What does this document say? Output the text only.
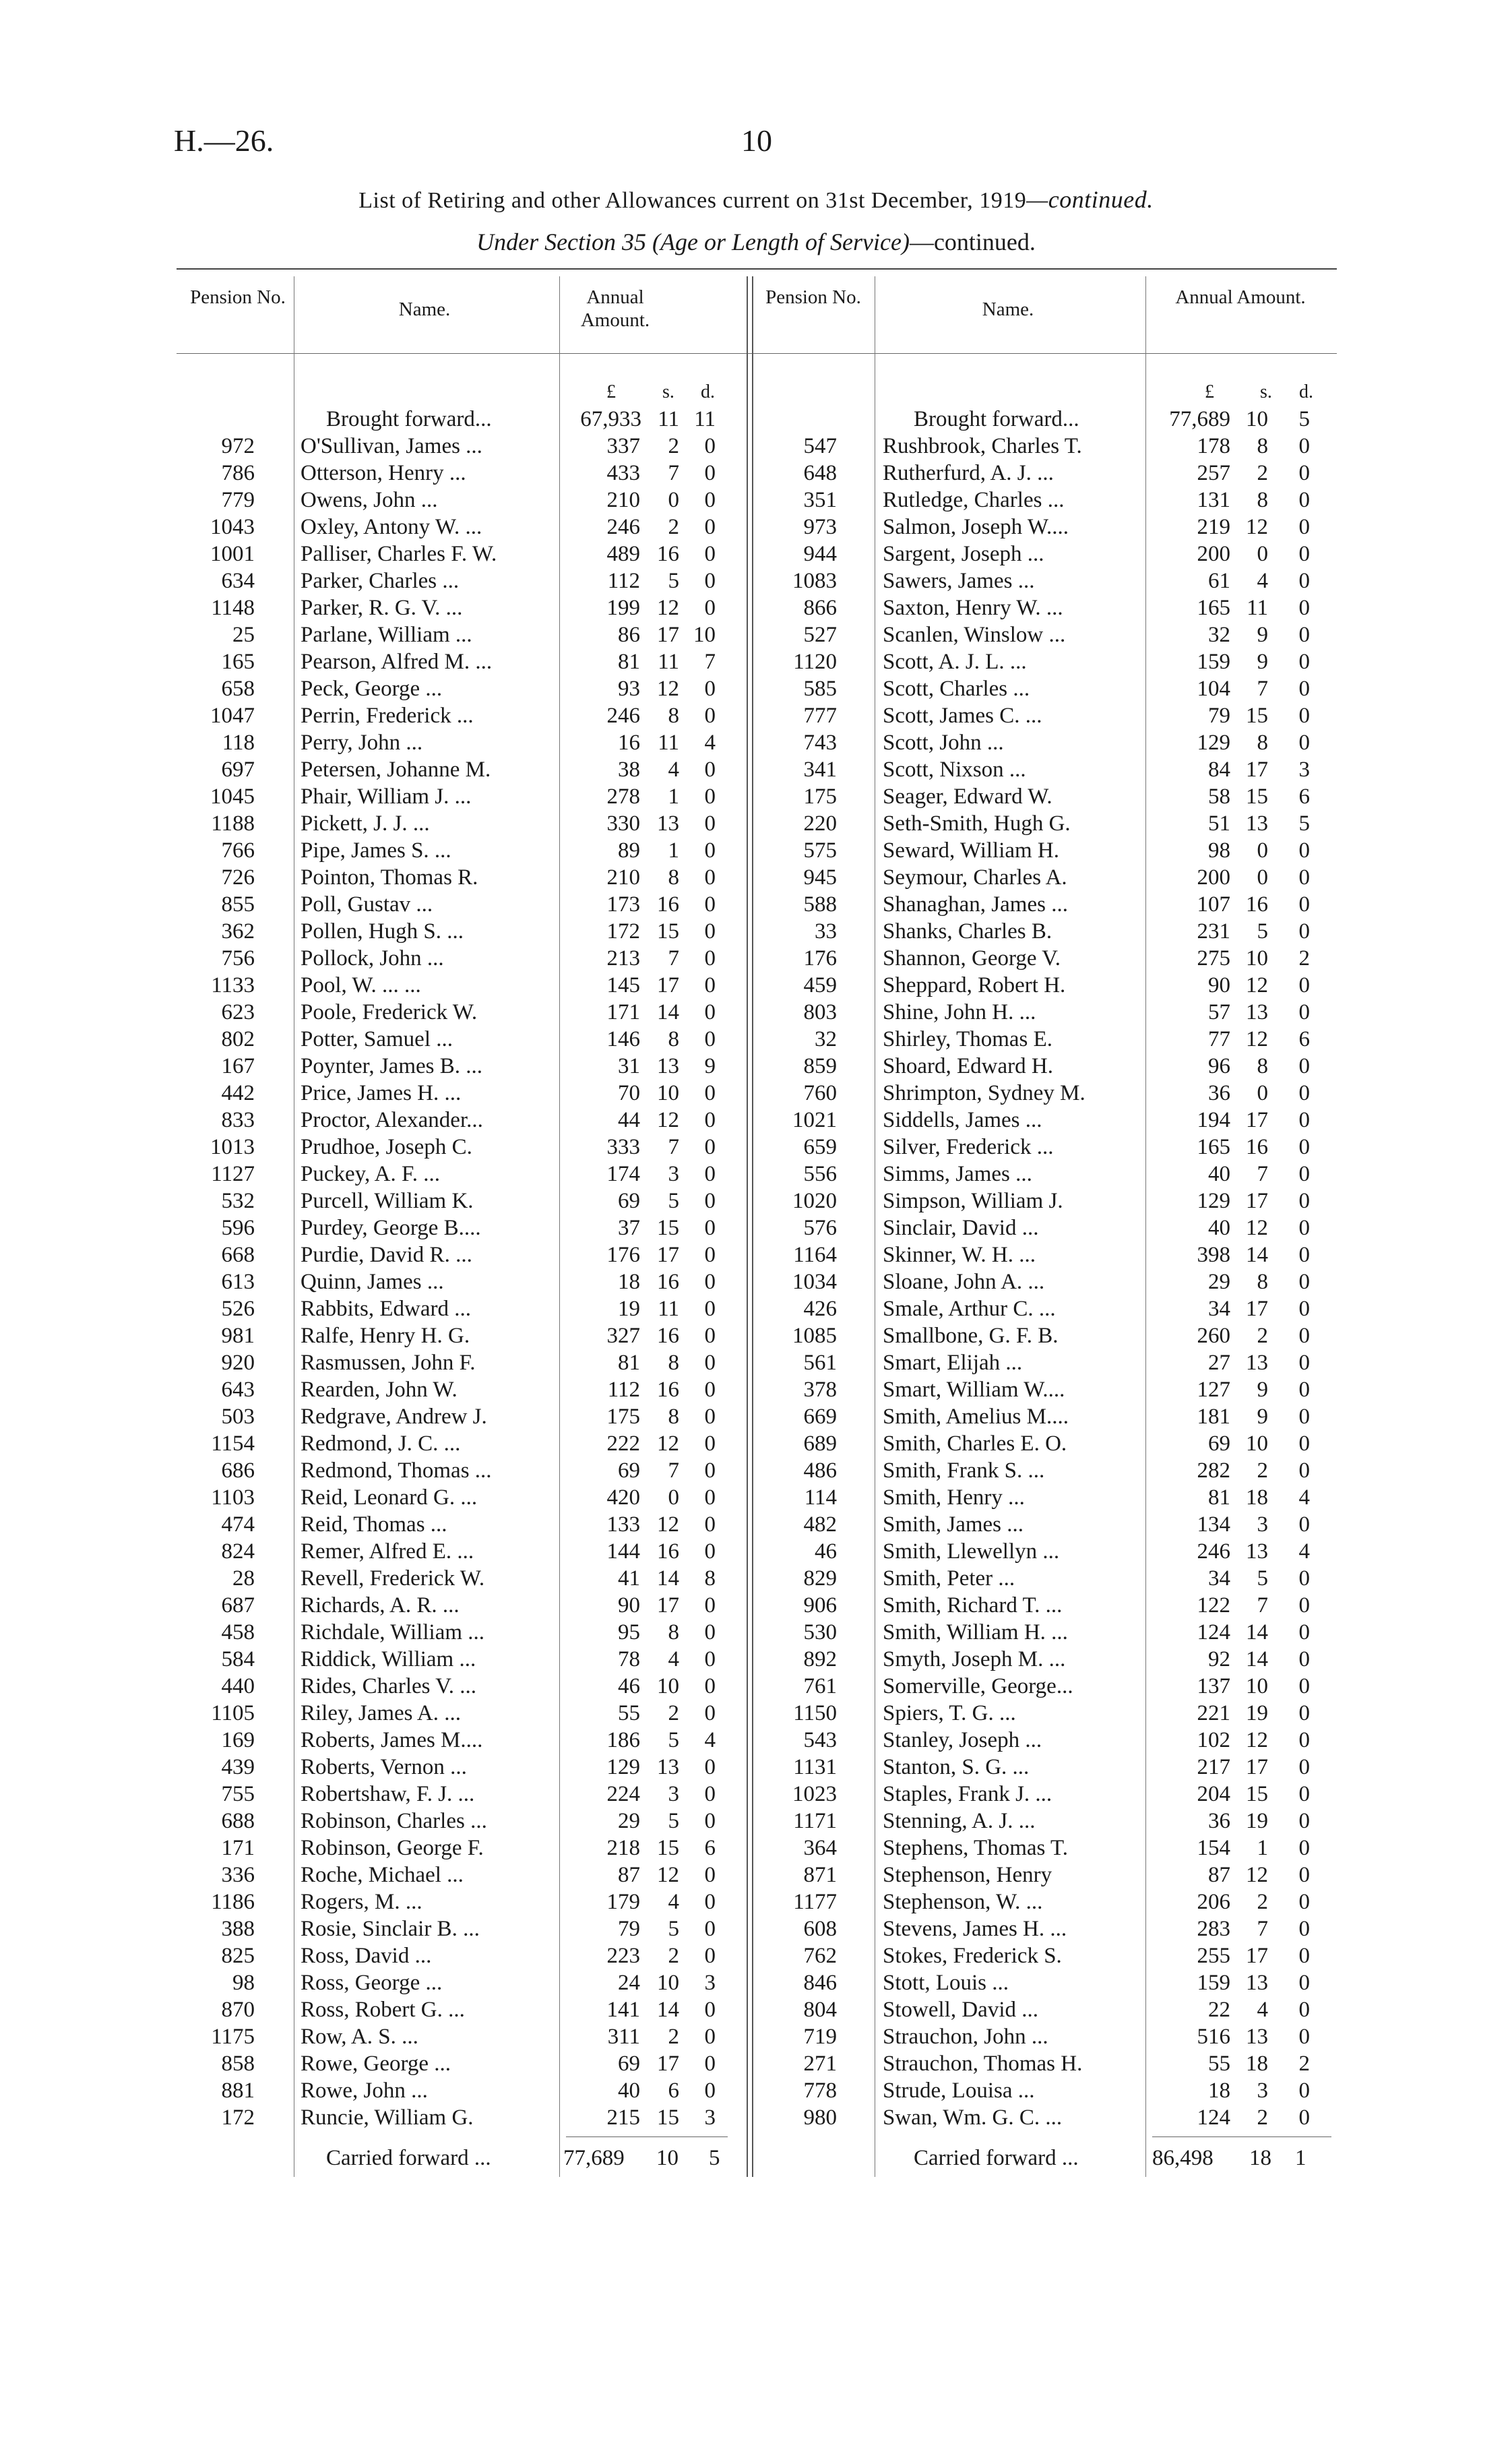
H.—26.	10
List of Retiring and other Allowances current on 31st December, 1919—continued.
Under Section 35 (Age or Length of Service)—continued.
Pension No.
Name.
Annual Amount.
Pension No.
Name.
Annual Amount.
£ s. d.	£ s. d.
Brought forward...	67,933 11 11
972 O'Sullivan, James ...	337	2	0
786 Otterson, Henry ...	433	7	0
779 Owens, John ...	210	0	0
1043 Oxley, Antony W. ...	246	2	0
1001 Palliser, Charles F. W.	489 16	0
634 Parker, Charles ...	112	5	0
1148 Parker, R. G. V. ...	199 12	0
25 Parlane, William ...	86 17 10
165 Pearson, Alfred M. ...	81 11	7
658 Peck, George ...	93 12	0
1047 Perrin, Frederick ...	246	8	0
118 Perry, John ...	16 11	4
697 Petersen, Johanne M.	38	4	0
1045 Phair, William J. ...	278	1	0
1188 Pickett, J. J. ...	330 13	0
766 Pipe, James S. ...	89	1	0
726 Pointon, Thomas R.	210	8	0
855 Poll, Gustav ...	173 16	0
362 Pollen, Hugh S. ...	172 15	0
756 Pollock, John ...	213	7	0
1133 Pool, W. ... ...	145 17	0
623 Poole, Frederick W.	171 14	0
802 Potter, Samuel ...	146	8	0
167 Poynter, James B. ...	31 13	9
442 Price, James H. ...	70 10	0
833 Proctor, Alexander...	44 12	0
1013 Prudhoe, Joseph C.	333	7	0
1127 Puckey, A. F. ...	174	3	0
532 Purcell, William K.	69	5	0
596 Purdey, George B....	37 15	0
668 Purdie, David R. ...	176 17	0
613 Quinn, James ...	18 16	0
526 Rabbits, Edward ...	19 11	0
981 Ralfe, Henry H. G.	327 16	0
920 Rasmussen, John F.	81	8	0
643 Rearden, John W.	112 16	0
503 Redgrave, Andrew J.	175	8	0
1154 Redmond, J. C. ...	222 12	0
686 Redmond, Thomas ...	69	7	0
1103 Reid, Leonard G. ...	420	0	0
474 Reid, Thomas ...	133 12	0
824 Remer, Alfred E. ...	144 16	0
28 Revell, Frederick W.	41 14	8
687 Richards, A. R. ...	90 17	0
458 Richdale, William ...	95	8	0
584 Riddick, William ...	78	4	0
440 Rides, Charles V. ...	46 10	0
1105 Riley, James A. ...	55	2	0
169 Roberts, James M....	186	5	4
439 Roberts, Vernon ...	129 13	0
755 Robertshaw, F. J. ...	224	3	0
688 Robinson, Charles ...	29	5	0
171 Robinson, George F.	218 15	6
336 Roche, Michael ...	87 12	0
1186 Rogers, M. ...	179	4	0
388 Rosie, Sinclair B. ...	79	5	0
825 Ross, David ...	223	2	0
98 Ross, George ...	24 10	3
870 Ross, Robert G. ...	141 14	0
1175 Row, A. S. ...	311	2	0
858 Rowe, George ...	69 17	0
881 Rowe, John ...	40	6	0
172 Runcie, William G.	215 15	3
Brought forward...	77,689 10	5
547 Rushbrook, Charles T.	178	8	0
648 Rutherfurd, A. J. ...	257	2	0
351 Rutledge, Charles ...	131	8	0
973 Salmon, Joseph W....	219 12	0
944 Sargent, Joseph ...	200	0	0
1083 Sawers, James ...	61	4	0
866 Saxton, Henry W. ...	165 11	0
527 Scanlen, Winslow ...	32	9	0
1120 Scott, A. J. L. ...	159	9	0
585 Scott, Charles ...	104	7	0
777 Scott, James C. ...	79 15	0
743 Scott, John ...	129	8	0
341 Scott, Nixson ...	84 17	3
175 Seager, Edward W.	58 15	6
220 Seth-Smith, Hugh G.	51 13	5
575 Seward, William H.	98	0	0
945 Seymour, Charles A.	200	0	0
588 Shanaghan, James ...	107 16	0
33 Shanks, Charles B.	231	5	0
176 Shannon, George V.	275 10	2
459 Sheppard, Robert H.	90 12	0
803 Shine, John H. ...	57 13	0
32 Shirley, Thomas E.	77 12	6
859 Shoard, Edward H.	96	8	0
760 Shrimpton, Sydney M.	36	0	0
1021 Siddells, James ...	194 17	0
659 Silver, Frederick ...	165 16	0
556 Simms, James ...	40	7	0
1020 Simpson, William J.	129 17	0
576 Sinclair, David ...	40 12	0
1164 Skinner, W. H. ...	398 14	0
1034 Sloane, John A. ...	29	8	0
426 Smale, Arthur C. ...	34 17	0
1085 Smallbone, G. F. B.	260	2	0
561 Smart, Elijah ...	27 13	0
378 Smart, William W....	127	9	0
669 Smith, Amelius M....	181	9	0
689 Smith, Charles E. O.	69 10	0
486 Smith, Frank S. ...	282	2	0
114 Smith, Henry ...	81 18	4
482 Smith, James ...	134	3	0
46 Smith, Llewellyn ...	246 13	4
829 Smith, Peter ...	34	5	0
906 Smith, Richard T. ...	122	7	0
530 Smith, William H. ...	124 14	0
892 Smyth, Joseph M. ...	92 14	0
761 Somerville, George...	137 10	0
1150 Spiers, T. G. ...	221 19	0
543 Stanley, Joseph ...	102 12	0
1131 Stanton, S. G. ...	217 17	0
1023 Staples, Frank J. ...	204 15	0
1171 Stenning, A. J. ...	36 19	0
364 Stephens, Thomas T.	154	1	0
871 Stephenson, Henry	87 12	0
1177 Stephenson, W. ...	206	2	0
608 Stevens, James H. ...	283	7	0
762 Stokes, Frederick S.	255 17	0
846 Stott, Louis ...	159 13	0
804 Stowell, David ...	22	4	0
719 Strauchon, John ...	516 13	0
271 Strauchon, Thomas H.	55 18	2
778 Strude, Louisa ...	18	3	0
980 Swan, Wm. G. C. ...	124	2	0
Carried forward ...	77,689 10 5	Carried forward ...	86,498 18 1
